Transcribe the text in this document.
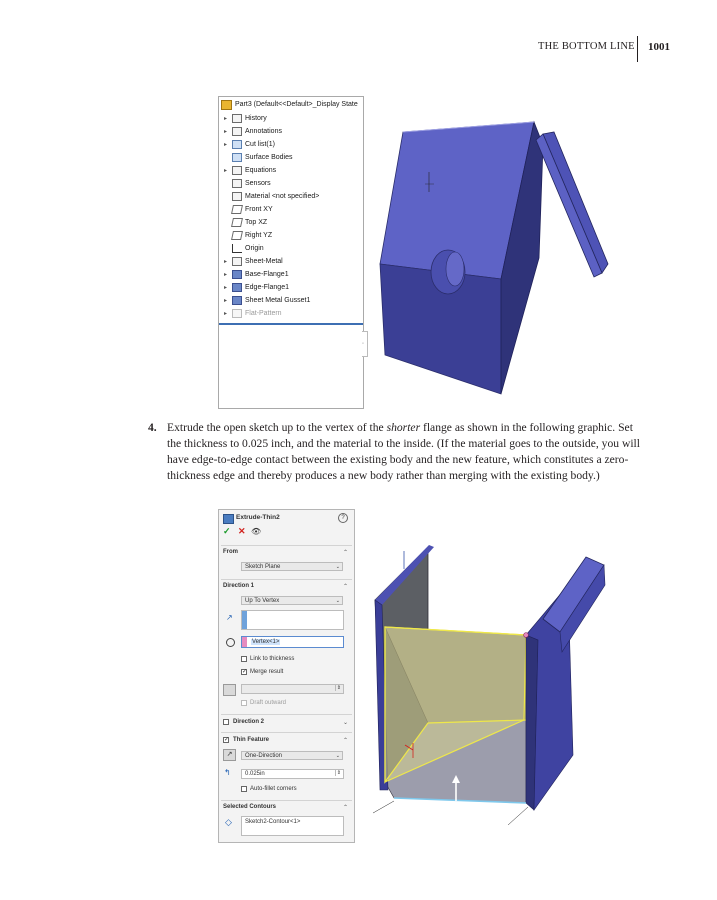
THE BOTTOM LINE 1001
Part3 (Default<<Default>_Display State
▸	History
▸	Annotations
▸	Cut list(1)
Surface Bodies
▸	Equations
Sensors
Material <not specified>
Front XY
Top XZ
Right YZ
Origin
▸	Sheet-Metal
▸	Base-Flange1
▸	Edge-Flange1
▸	Sheet Metal Gusset1
▸	Flat-Pattern
◦
4. Extrude the open sketch up to the vertex of the shorter flange as shown in the following graphic. Set the thickness to 0.025 inch, and the material to the inside. (If the material goes to the outside, you will have edge-to-edge contact between the existing body and the new feature, which constitutes a zero-thickness edge and thereby produces a new body rather than merging with the existing body.)
Extrude-Thin2	?
✓ ✕ 👁
From	⌃
Sketch Plane	⌄
Direction 1	⌃
Up To Vertex	⌄
↗
Vertex<1>
Link to thickness
✓ Merge result
⇕
Draft outward
Direction 2	⌄
✓ Thin Feature	⌃
↗	One-Direction	⌄
↰ 0.025in	⇕
Auto-fillet corners
Selected Contours	⌃
◇ Sketch2-Contour<1>
